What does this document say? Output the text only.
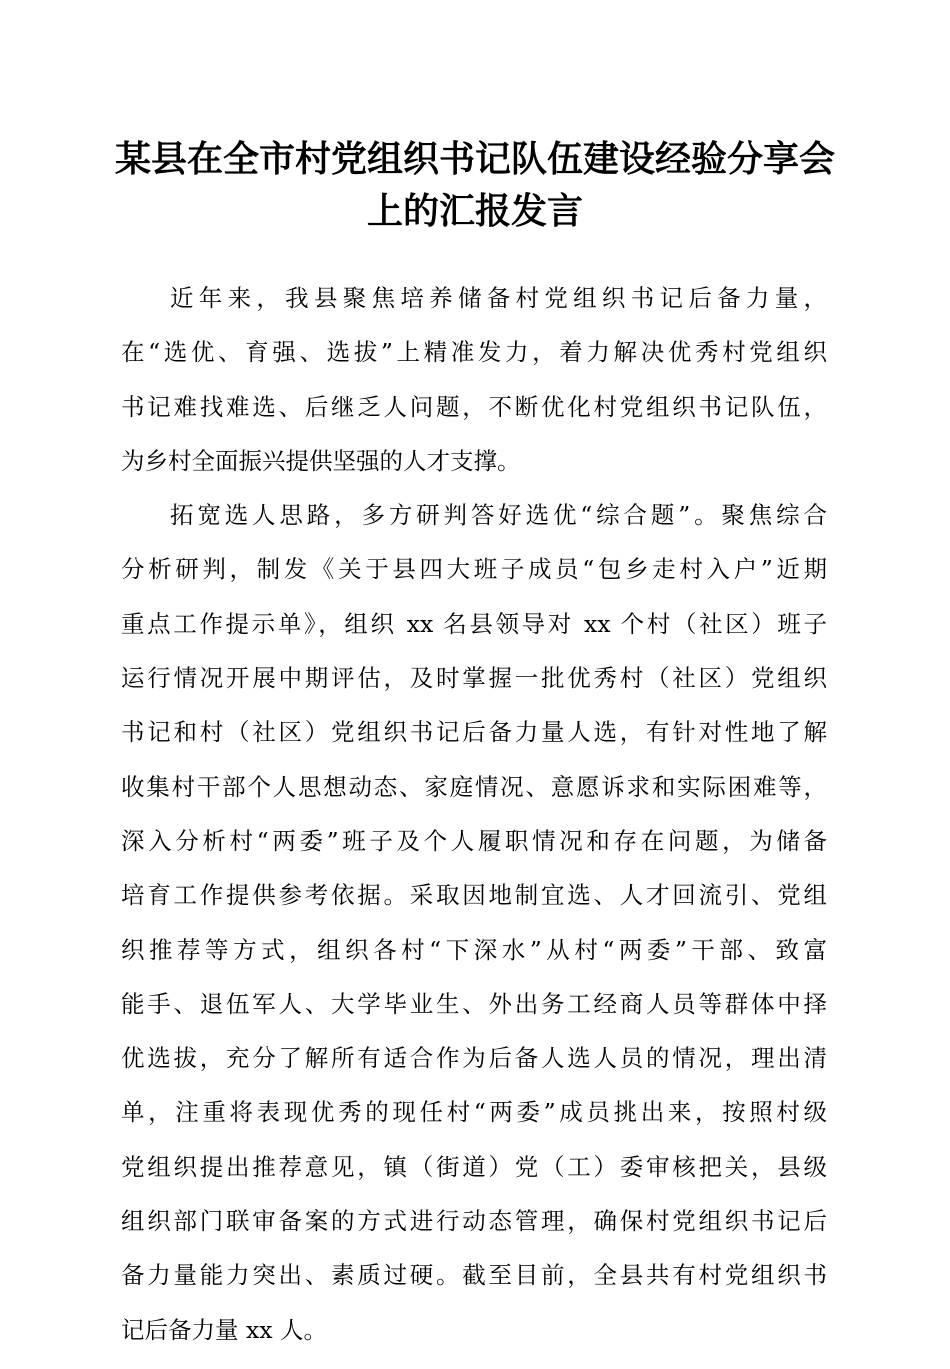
某县在全市村党组织书记队伍建设经验分享会
上的汇报发言
近年来，我县聚焦培养储备村党组织书记后备力量，
在“选优、育强、选拔”上精准发力，着力解决优秀村党组织
书记难找难选、后继乏人问题，不断优化村党组织书记队伍，
为乡村全面振兴提供坚强的人才支撑。
拓宽选人思路，多方研判答好选优“综合题”。聚焦综合
分析研判，制发《关于县四大班子成员“包乡走村入户”近期
重点工作提示单》，组织 xx 名县领导对 xx 个村（社区）班子
运行情况开展中期评估，及时掌握一批优秀村（社区）党组织
书记和村（社区）党组织书记后备力量人选，有针对性地了解
收集村干部个人思想动态、家庭情况、意愿诉求和实际困难等，
深入分析村“两委”班子及个人履职情况和存在问题，为储备
培育工作提供参考依据。采取因地制宜选、人才回流引、党组
织推荐等方式，组织各村“下深水”从村“两委”干部、致富
能手、退伍军人、大学毕业生、外出务工经商人员等群体中择
优选拔，充分了解所有适合作为后备人选人员的情况，理出清
单，注重将表现优秀的现任村“两委”成员挑出来，按照村级
党组织提出推荐意见，镇（街道）党（工）委审核把关，县级
组织部门联审备案的方式进行动态管理，确保村党组织书记后
备力量能力突出、素质过硬。截至目前，全县共有村党组织书
记后备力量 xx 人。
